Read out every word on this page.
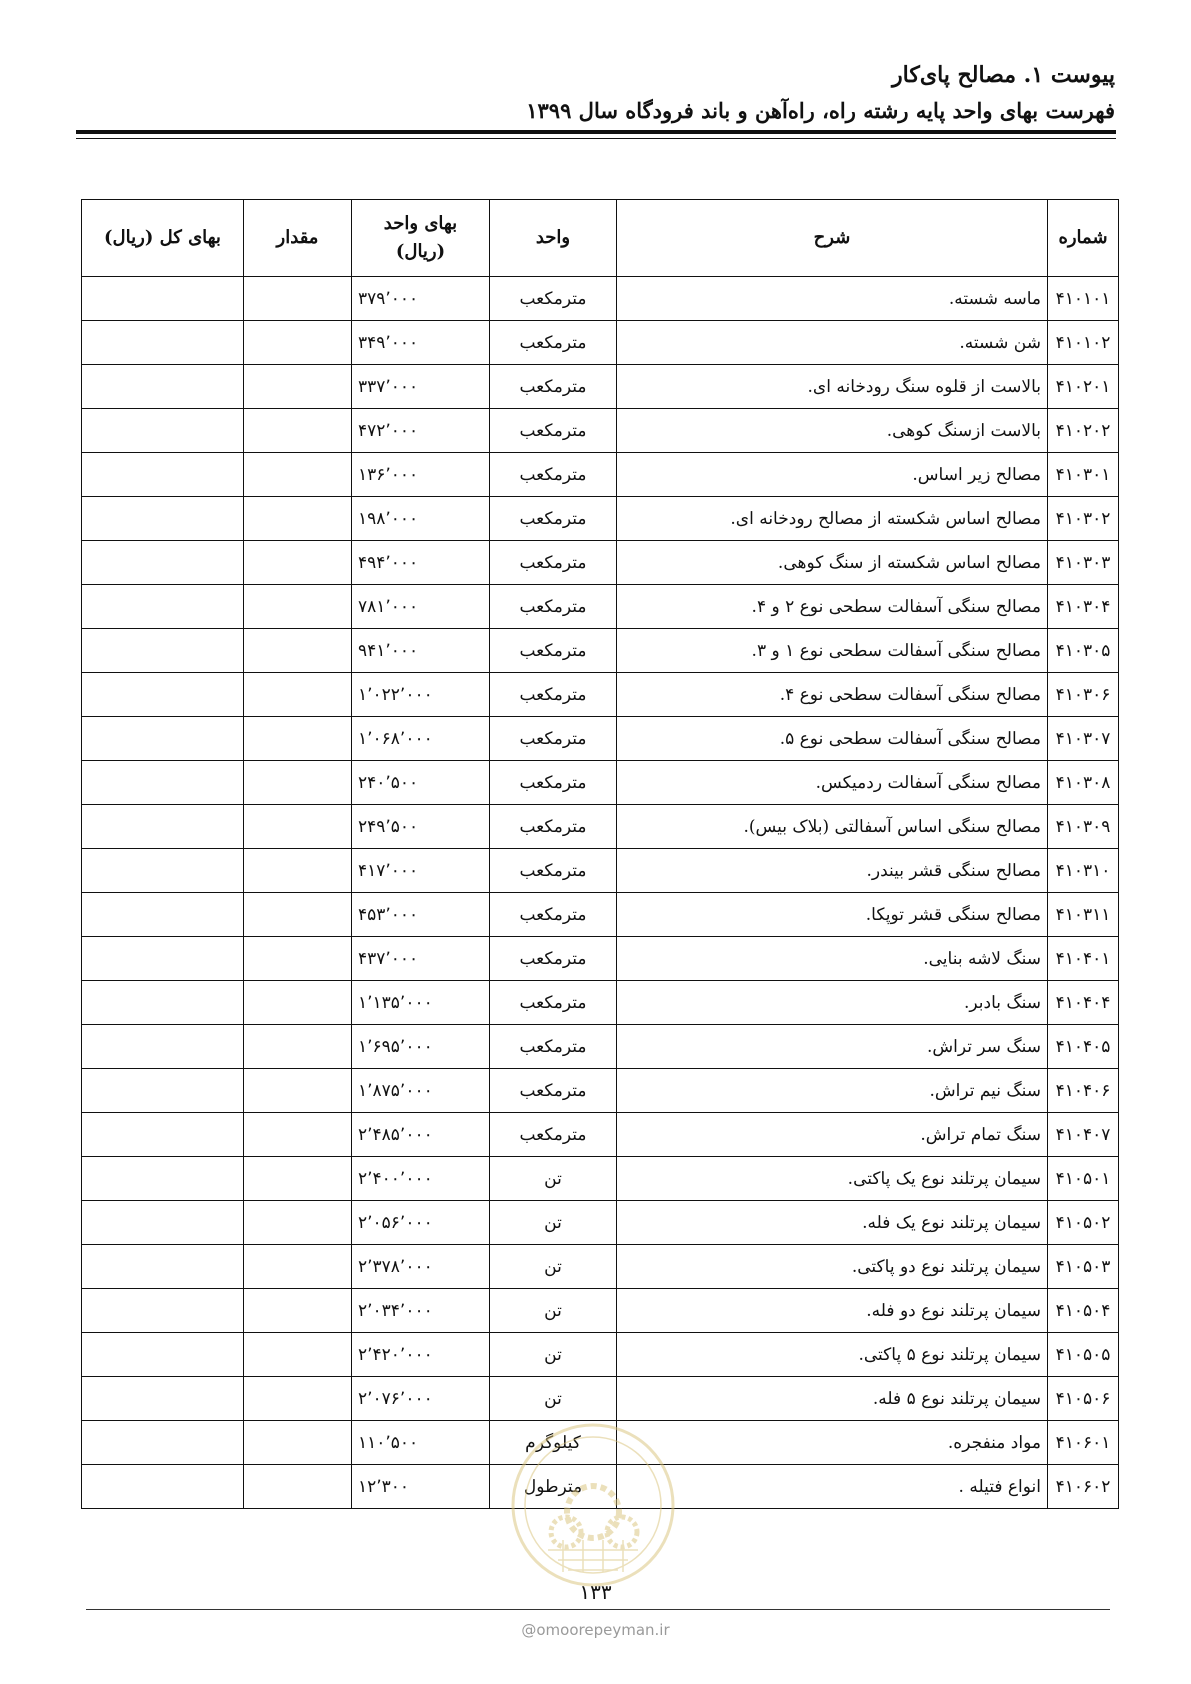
پیوست ۱. مصالح پای‌کار
فهرست بهای واحد پایه رشته راه، راه‌آهن و باند فرودگاه سال ۱۳۹۹
شماره	شرح	واحد	بهای واحد
(ریال)	مقدار	بهای کل (ریال)
۴۱۰۱۰۱	ماسه شسته.	مترمکعب	۳۷۹٬۰۰۰		
۴۱۰۱۰۲	شن شسته.	مترمکعب	۳۴۹٬۰۰۰		
۴۱۰۲۰۱	بالاست از قلوه سنگ رودخانه ای.	مترمکعب	۳۳۷٬۰۰۰		
۴۱۰۲۰۲	بالاست ازسنگ کوهی.	مترمکعب	۴۷۲٬۰۰۰		
۴۱۰۳۰۱	مصالح زیر اساس.	مترمکعب	۱۳۶٬۰۰۰		
۴۱۰۳۰۲	مصالح اساس شکسته از مصالح رودخانه ای.	مترمکعب	۱۹۸٬۰۰۰		
۴۱۰۳۰۳	مصالح اساس شکسته از سنگ کوهی.	مترمکعب	۴۹۴٬۰۰۰		
۴۱۰۳۰۴	مصالح سنگی آسفالت سطحی نوع ۲ و ۴.	مترمکعب	۷۸۱٬۰۰۰		
۴۱۰۳۰۵	مصالح سنگی آسفالت سطحی نوع ۱ و ۳.	مترمکعب	۹۴۱٬۰۰۰		
۴۱۰۳۰۶	مصالح سنگی آسفالت سطحی نوع ۴.	مترمکعب	۱٬۰۲۲٬۰۰۰		
۴۱۰۳۰۷	مصالح سنگی آسفالت سطحی نوع ۵.	مترمکعب	۱٬۰۶۸٬۰۰۰		
۴۱۰۳۰۸	مصالح سنگی آسفالت ردمیکس.	مترمکعب	۲۴۰٬۵۰۰		
۴۱۰۳۰۹	مصالح سنگی اساس آسفالتی (بلاک بیس).	مترمکعب	۲۴۹٬۵۰۰		
۴۱۰۳۱۰	مصالح سنگی قشر بیندر.	مترمکعب	۴۱۷٬۰۰۰		
۴۱۰۳۱۱	مصالح سنگی قشر توپکا.	مترمکعب	۴۵۳٬۰۰۰		
۴۱۰۴۰۱	سنگ لاشه بنایی.	مترمکعب	۴۳۷٬۰۰۰		
۴۱۰۴۰۴	سنگ بادبر.	مترمکعب	۱٬۱۳۵٬۰۰۰		
۴۱۰۴۰۵	سنگ سر تراش.	مترمکعب	۱٬۶۹۵٬۰۰۰		
۴۱۰۴۰۶	سنگ نیم تراش.	مترمکعب	۱٬۸۷۵٬۰۰۰		
۴۱۰۴۰۷	سنگ تمام تراش.	مترمکعب	۲٬۴۸۵٬۰۰۰		
۴۱۰۵۰۱	سیمان پرتلند نوع یک پاکتی.	تن	۲٬۴۰۰٬۰۰۰		
۴۱۰۵۰۲	سیمان پرتلند نوع یک فله.	تن	۲٬۰۵۶٬۰۰۰		
۴۱۰۵۰۳	سیمان پرتلند نوع دو پاکتی.	تن	۲٬۳۷۸٬۰۰۰		
۴۱۰۵۰۴	سیمان پرتلند نوع دو فله.	تن	۲٬۰۳۴٬۰۰۰		
۴۱۰۵۰۵	سیمان پرتلند نوع ۵ پاکتی.	تن	۲٬۴۲۰٬۰۰۰		
۴۱۰۵۰۶	سیمان پرتلند نوع ۵ فله.	تن	۲٬۰۷۶٬۰۰۰		
۴۱۰۶۰۱	مواد منفجره.	کیلوگرم	۱۱۰٬۵۰۰		
۴۱۰۶۰۲	انواع فتیله .	مترطول	۱۲٬۳۰۰		
۱۳۳
@omoorepeyman.ir
